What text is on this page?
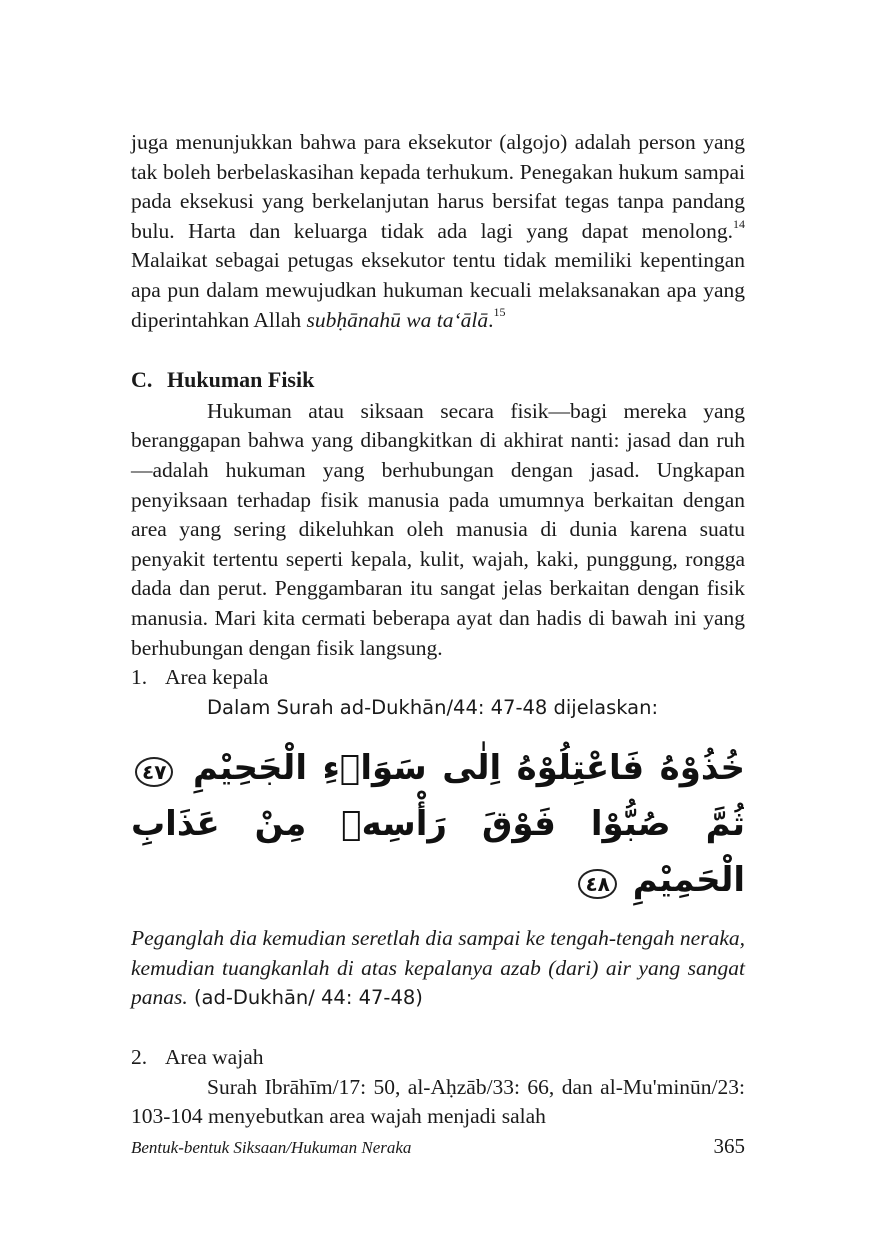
juga menunjukkan bahwa para eksekutor (algojo) adalah person yang tak boleh berbelaskasihan kepada terhukum. Penegakan hukum sampai pada eksekusi yang berkelanjutan harus bersifat tegas tanpa pandang bulu. Harta dan keluarga tidak ada lagi yang dapat menolong.$^{14}$ Malaikat sebagai petugas eksekutor tentu tidak memiliki kepentingan apa pun dalam mewujudkan hukuman kecuali melaksanakan apa yang diperintahkan Allah subḥānahū wa ta‘ālā.$^{15}$

C. Hukuman Fisik

Hukuman atau siksaan secara fisik—bagi mereka yang beranggapan bahwa yang dibangkitkan di akhirat nanti: jasad dan ruh—adalah hukuman yang berhubungan dengan jasad. Ungkapan penyiksaan terhadap fisik manusia pada umumnya berkaitan dengan area yang sering dikeluhkan oleh manusia di dunia karena suatu penyakit tertentu seperti kepala, kulit, wajah, kaki, punggung, rongga dada dan perut. Penggambaran itu sangat jelas berkaitan dengan fisik manusia. Mari kita cermati beberapa ayat dan hadis di bawah ini yang berhubungan dengan fisik langsung.

1. Area kepala

Dalam Surah ad-Dukhān/44: 47-48 dijelaskan:

خُذُوْهُ فَاعْتِلُوْهُ اِلٰى سَوَاۤءِ الْجَحِيْمِ ٤٧ ثُمَّ صُبُّوْا فَوْقَ رَأْسِهٖ مِنْ عَذَابِ الْحَمِيْمِ ٤٨

Peganglah dia kemudian seretlah dia sampai ke tengah-tengah neraka, kemudian tuangkanlah di atas kepalanya azab (dari) air yang sangat panas. (ad-Dukhān/ 44: 47-48)

2. Area wajah

Surah Ibrāhīm/17: 50, al-Aḥzāb/33: 66, dan al-Mu'minūn/23: 103-104 menyebutkan area wajah menjadi salah

Bentuk-bentuk Siksaan/Hukuman Neraka	365
